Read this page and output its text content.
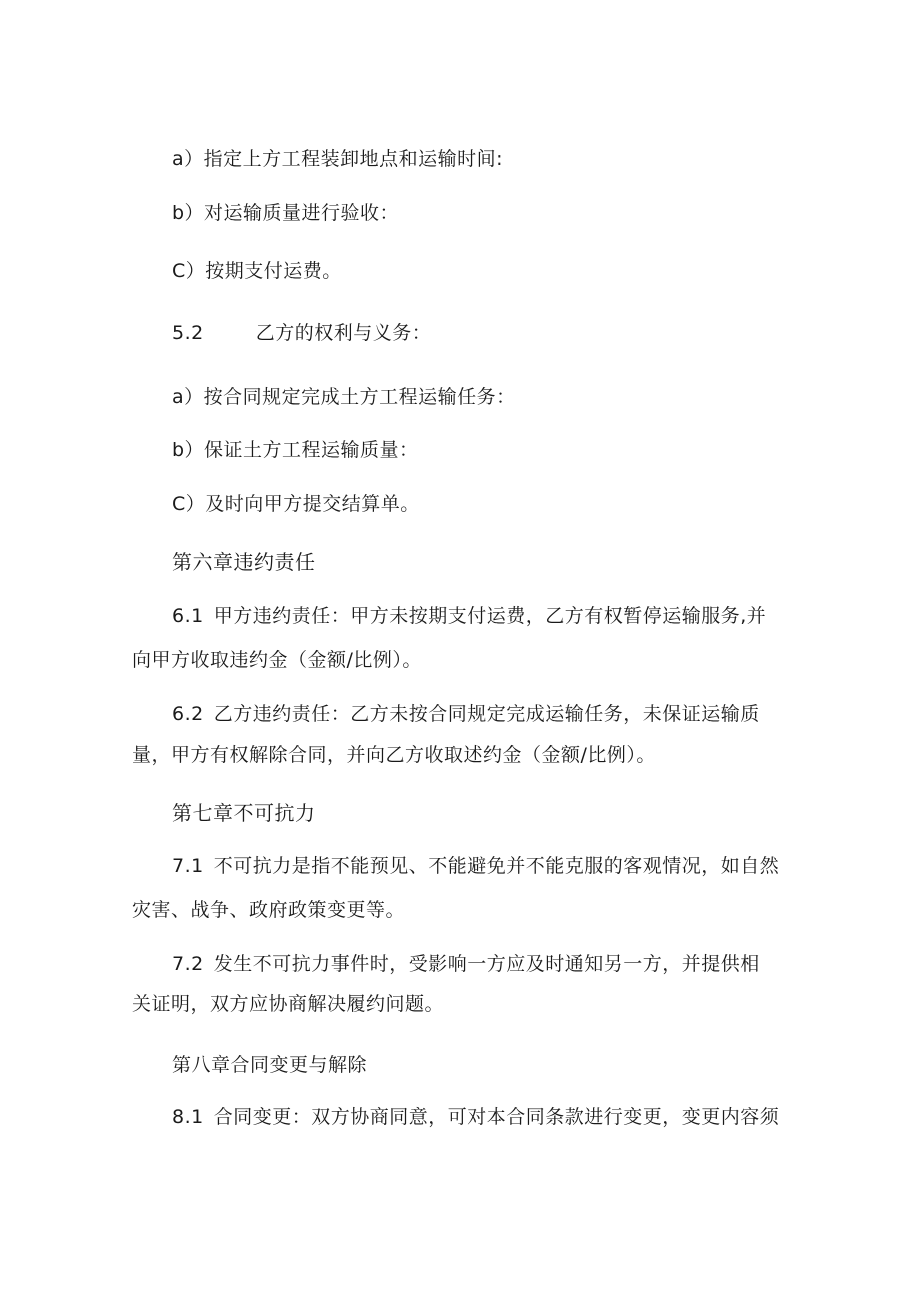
a）指定上方工程装卸地点和运输时间:
b）对运输质量进行验收：
C）按期支付运费。
5.2	乙方的权利与义务：
a）按合同规定完成土方工程运输任务：
b）保证土方工程运输质量：
C）及时向甲方提交结算单。
第六章违约责任
6.1 甲方违约责任：甲方未按期支付运费，乙方有权暂停运输服务,并
向甲方收取违约金（金额/比例）。
6.2 乙方违约责任：乙方未按合同规定完成运输任务，未保证运输质
量，甲方有权解除合同，并向乙方收取述约金（金额/比例）。
第七章不可抗力
7.1 不可抗力是指不能预见、不能避免并不能克服的客观情况，如自然
灾害、战争、政府政策变更等。
7.2 发生不可抗力事件时，受影响一方应及时通知另一方，并提供相
关证明，双方应协商解决履约问题。
第八章合同变更与解除
8.1 合同变更：双方协商同意，可对本合同条款进行变更，变更内容须
